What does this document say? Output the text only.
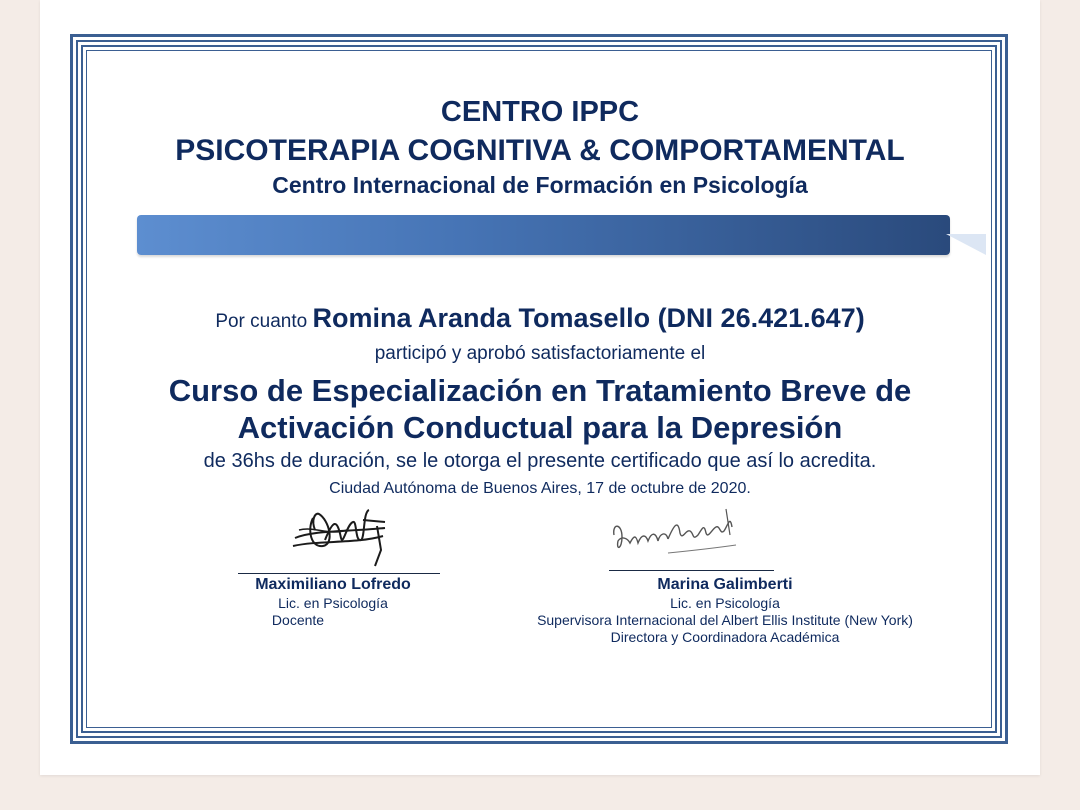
CENTRO IPPC
PSICOTERAPIA COGNITIVA & COMPORTAMENTAL
Centro Internacional de Formación en Psicología
Por cuanto Romina Aranda Tomasello (DNI 26.421.647)
participó y aprobó satisfactoriamente el
Curso de Especialización en Tratamiento Breve de
Activación Conductual para la Depresión
de 36hs de duración, se le otorga el presente certificado que así lo acredita.
Ciudad Autónoma de Buenos Aires, 17 de octubre de 2020.
Maximiliano Lofredo
Lic. en Psicología
Docente
Marina Galimberti
Lic. en Psicología
Supervisora Internacional del Albert Ellis Institute (New York)
Directora y Coordinadora Académica
